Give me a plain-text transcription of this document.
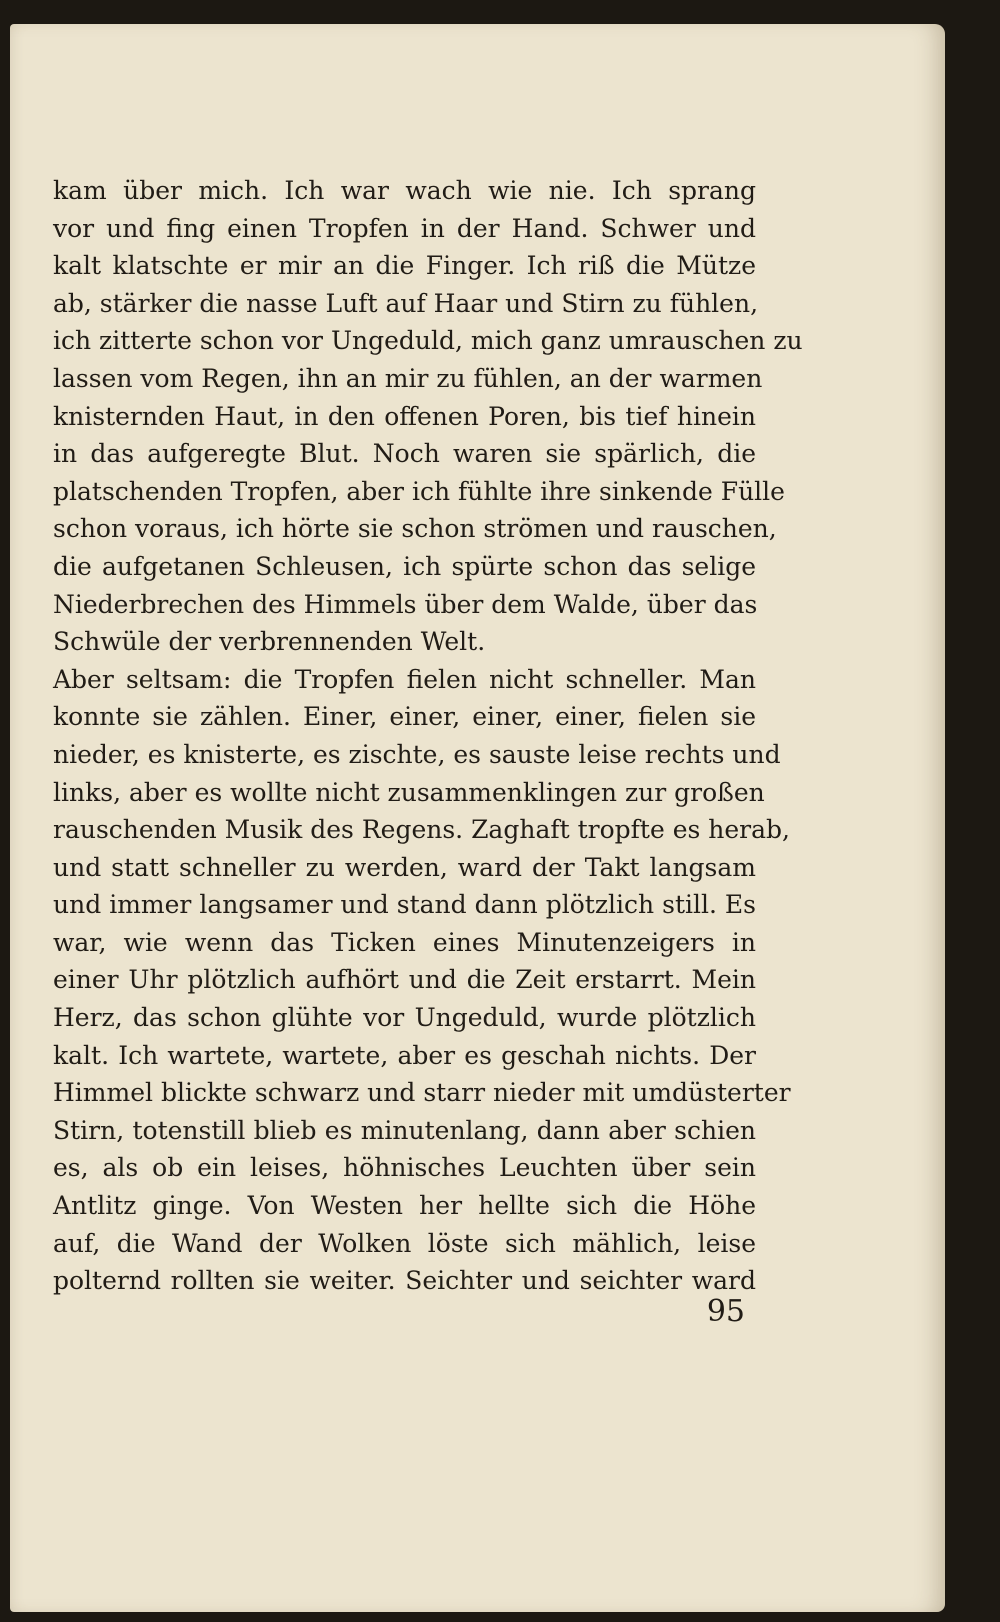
kam über mich. Ich war wach wie nie. Ich sprang
vor und fing einen Tropfen in der Hand. Schwer und
kalt klatschte er mir an die Finger. Ich riß die Mütze
ab, stärker die nasse Luft auf Haar und Stirn zu fühlen,
ich zitterte schon vor Ungeduld, mich ganz umrauschen zu
lassen vom Regen, ihn an mir zu fühlen, an der warmen
knisternden Haut, in den offenen Poren, bis tief hinein
in das aufgeregte Blut. Noch waren sie spärlich, die
platschenden Tropfen, aber ich fühlte ihre sinkende Fülle
schon voraus, ich hörte sie schon strömen und rauschen,
die aufgetanen Schleusen, ich spürte schon das selige
Niederbrechen des Himmels über dem Walde, über das
Schwüle der verbrennenden Welt.
Aber seltsam: die Tropfen fielen nicht schneller. Man
konnte sie zählen. Einer, einer, einer, einer, fielen sie
nieder, es knisterte, es zischte, es sauste leise rechts und
links, aber es wollte nicht zusammenklingen zur großen
rauschenden Musik des Regens. Zaghaft tropfte es herab,
und statt schneller zu werden, ward der Takt langsam
und immer langsamer und stand dann plötzlich still. Es
war, wie wenn das Ticken eines Minutenzeigers in
einer Uhr plötzlich aufhört und die Zeit erstarrt. Mein
Herz, das schon glühte vor Ungeduld, wurde plötzlich
kalt. Ich wartete, wartete, aber es geschah nichts. Der
Himmel blickte schwarz und starr nieder mit umdüsterter
Stirn, totenstill blieb es minutenlang, dann aber schien
es, als ob ein leises, höhnisches Leuchten über sein
Antlitz ginge. Von Westen her hellte sich die Höhe
auf, die Wand der Wolken löste sich mählich, leise
polternd rollten sie weiter. Seichter und seichter ward
95
